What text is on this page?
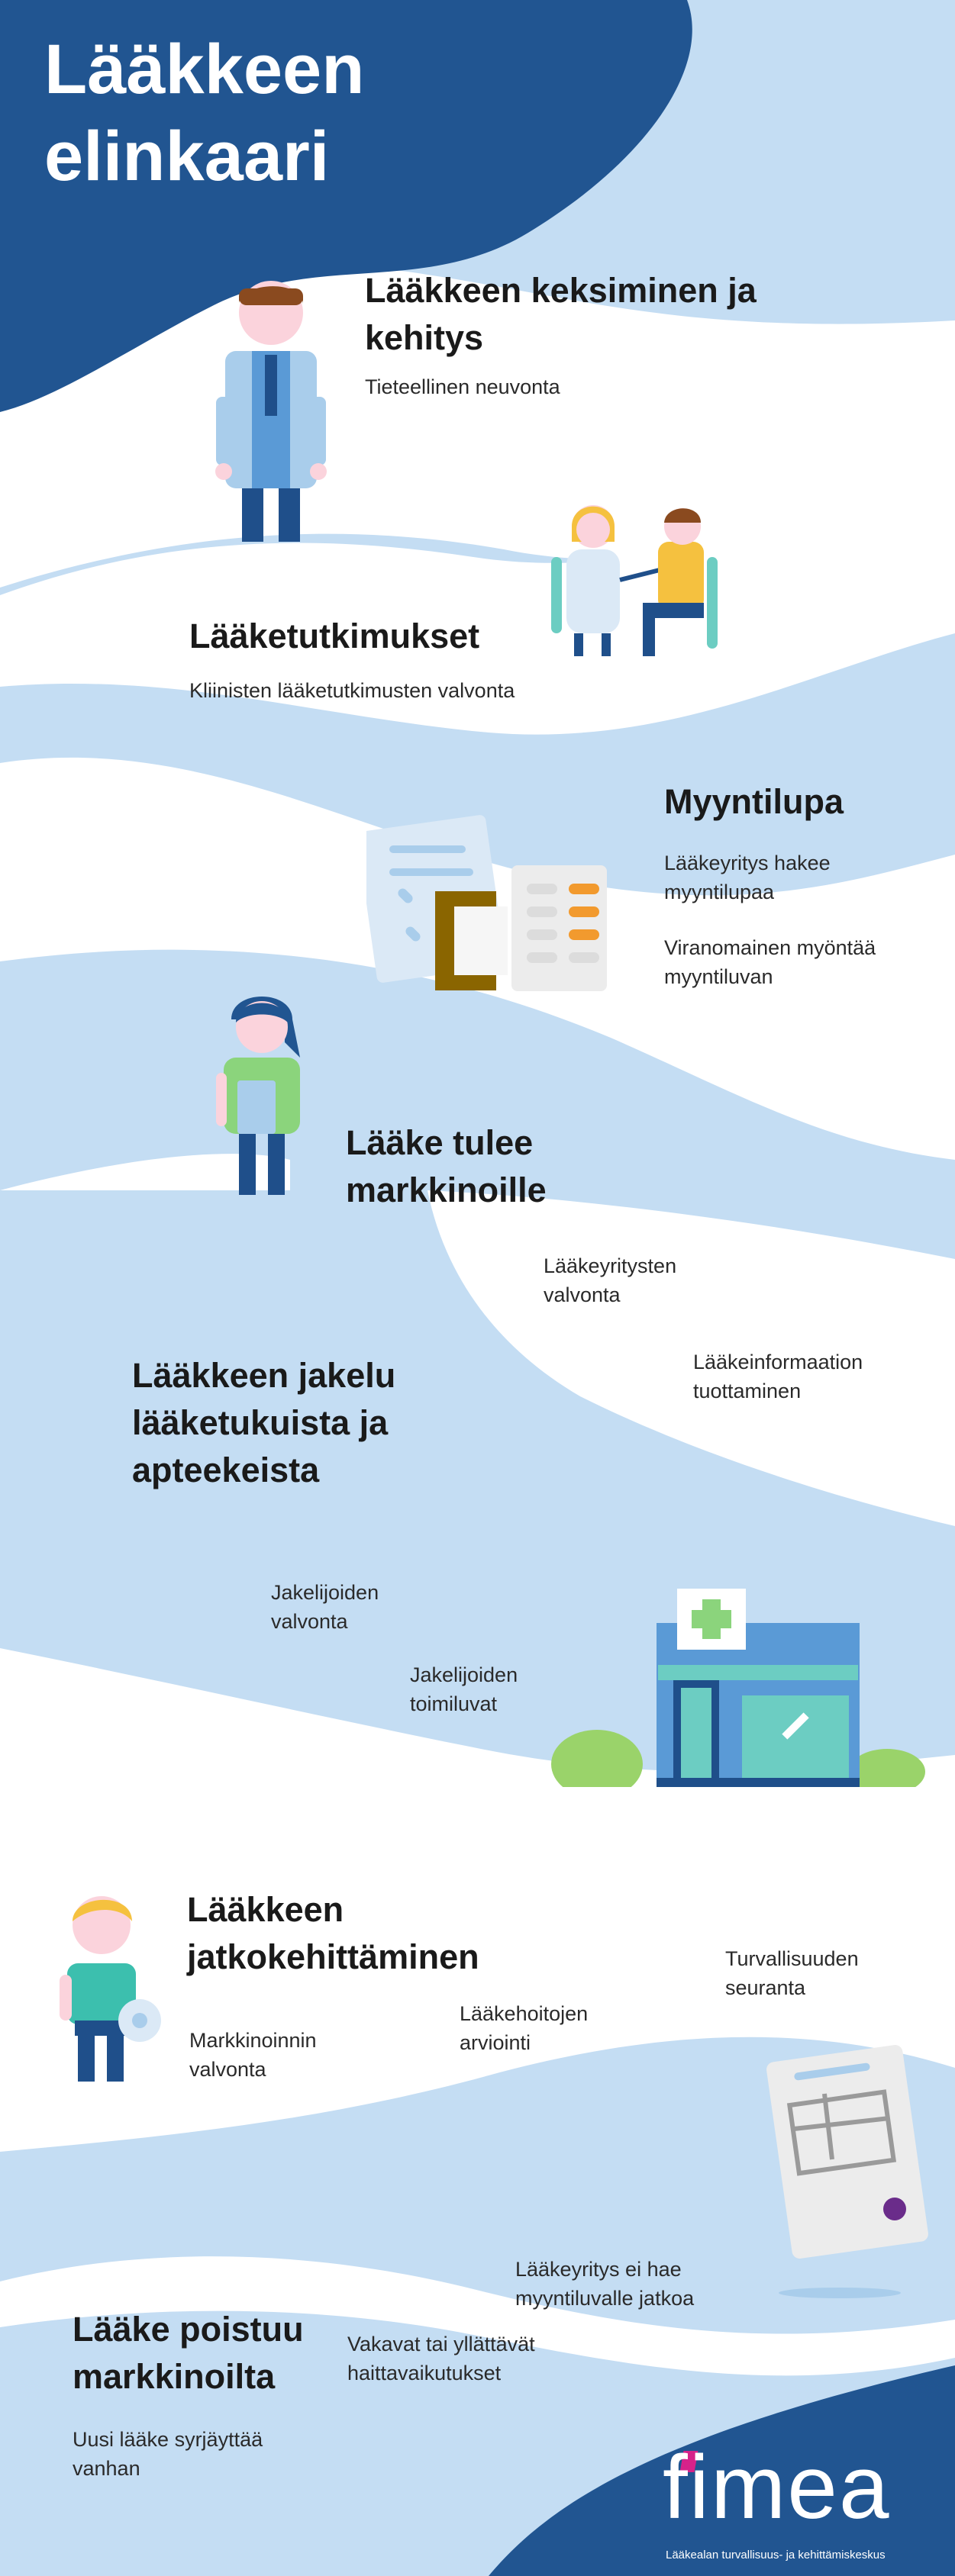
Lääkkeen elinkaari
Lääkkeen keksiminen ja kehitys

Tieteellinen neuvonta

Lääketutkimukset

Kliinisten lääketutkimusten valvonta

Myyntilupa

Lääkeyritys hakee myyntilupaa

Viranomainen myöntää myyntiluvan

Lääke tulee markkinoille

Lääkeyritysten valvonta

Lääkeinformaation tuottaminen

Lääkkeen jakelu lääketukuista ja apteekeista

Jakelijoiden valvonta

Jakelijoiden toimiluvat

Lääkkeen jatkokehittäminen

Markkinoinnin valvonta

Lääkehoitojen arviointi

Turvallisuuden seuranta

Lääke poistuu markkinoilta

Uusi lääke syrjäyttää vanhan

Vakavat tai yllättävät haittavaikutukset

Lääkeyritys ei hae myyntiluvalle jatkoa

fimea

Lääkealan turvallisuus- ja kehittämiskeskus
